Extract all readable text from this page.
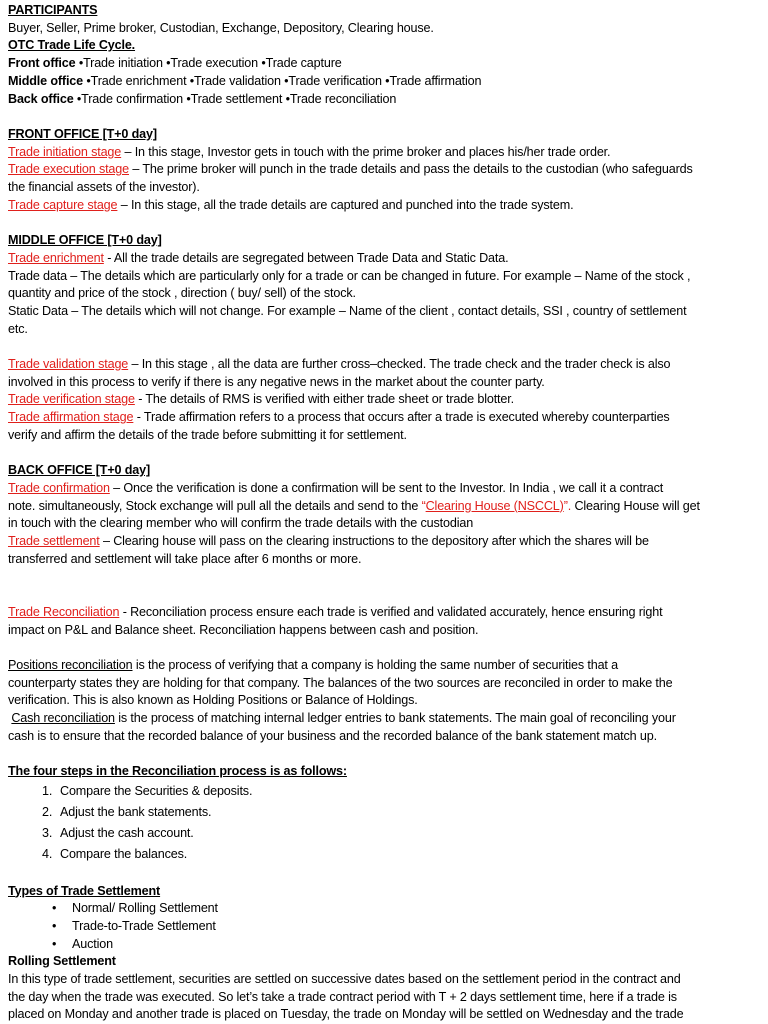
PARTICIPANTS
Buyer, Seller, Prime broker, Custodian, Exchange, Depository, Clearing house.
OTC Trade Life Cycle.
Front office •Trade initiation •Trade execution •Trade capture
Middle office •Trade enrichment •Trade validation •Trade verification •Trade affirmation
Back office •Trade confirmation •Trade settlement •Trade reconciliation
FRONT OFFICE [T+0 day]
Trade initiation stage – In this stage, Investor gets in touch with the prime broker and places his/her trade order.
Trade execution stage – The prime broker will punch in the trade details and pass the details to the custodian (who safeguards
the financial assets of the investor).
Trade capture stage – In this stage, all the trade details are captured and punched into the trade system.
MIDDLE OFFICE [T+0 day]
Trade enrichment - All the trade details are segregated between Trade Data and Static Data.
Trade data – The details which are particularly only for a trade or can be changed in future. For example – Name of the stock ,
quantity and price of the stock , direction ( buy/ sell) of the stock.
Static Data – The details which will not change. For example – Name of the client , contact details, SSI , country of settlement
etc.
Trade validation stage – In this stage , all the data are further cross–checked. The trade check and the trader check is also
involved in this process to verify if there is any negative news in the market about the counter party.
Trade verification stage - The details of RMS is verified with either trade sheet or trade blotter.
Trade affirmation stage - Trade affirmation refers to a process that occurs after a trade is executed whereby counterparties
verify and affirm the details of the trade before submitting it for settlement.
BACK OFFICE [T+0 day]
Trade confirmation – Once the verification is done a confirmation will be sent to the Investor. In India , we call it a contract
note. simultaneously, Stock exchange will pull all the details and send to the “Clearing House (NSCCL)”. Clearing House will get
in touch with the clearing member who will confirm the trade details with the custodian
Trade settlement – Clearing house will pass on the clearing instructions to the depository after which the shares will be
transferred and settlement will take place after 6 months or more.
Trade Reconciliation - Reconciliation process ensure each trade is verified and validated accurately, hence ensuring right
impact on P&L and Balance sheet. Reconciliation happens between cash and position.
Positions reconciliation is the process of verifying that a company is holding the same number of securities that a
counterparty states they are holding for that company. The balances of the two sources are reconciled in order to make the
verification. This is also known as Holding Positions or Balance of Holdings.
Cash reconciliation is the process of matching internal ledger entries to bank statements. The main goal of reconciling your
cash is to ensure that the recorded balance of your business and the recorded balance of the bank statement match up.
The four steps in the Reconciliation process is as follows:
1. Compare the Securities & deposits.
2. Adjust the bank statements.
3. Adjust the cash account.
4. Compare the balances.
Types of Trade Settlement
• Normal/ Rolling Settlement
• Trade-to-Trade Settlement
• Auction
Rolling Settlement
In this type of trade settlement, securities are settled on successive dates based on the settlement period in the contract and
the day when the trade was executed. So let’s take a trade contract period with T + 2 days settlement time, here if a trade is
placed on Monday and another trade is placed on Tuesday, the trade on Monday will be settled on Wednesday and the trade
